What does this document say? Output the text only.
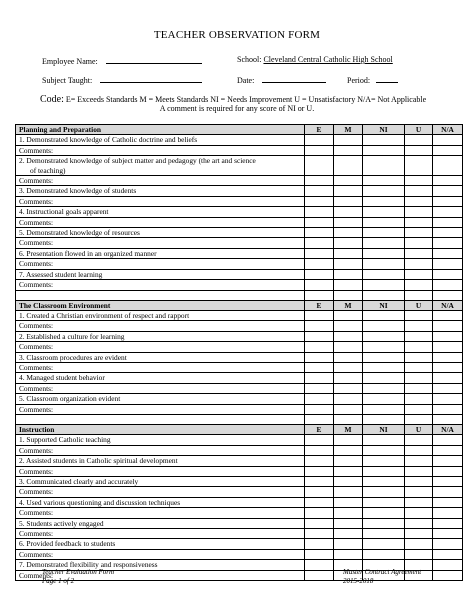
TEACHER OBSERVATION FORM
Employee Name:	School: Cleveland Central Catholic High School
Subject Taught:	Date:	Period:
Code: E= Exceeds Standards M = Meets Standards NI = Needs Improvement U = Unsatisfactory N/A= Not Applicable
A comment is required for any score of NI or U.
Planning and Preparation	E	M	NI	U	N/A

1. Demonstrated knowledge of Catholic doctrine and beliefs					

Comments:					

2. Demonstrated knowledge of subject matter and pedagogy (the art and science
of teaching)					

Comments:					

3. Demonstrated knowledge of students					

Comments:					

4. Instructional goals apparent					

Comments:					

5. Demonstrated knowledge of resources					

Comments:					

6. Presentation flowed in an organized manner					

Comments:					

7. Assessed student learning					

Comments:					

The Classroom Environment	E	M	NI	U	N/A

1. Created a Christian environment of respect and rapport					

Comments:					

2. Established a culture for learning					

Comments:					

3. Classroom procedures are evident					

Comments:					

4. Managed student behavior					

Comments:					

5. Classroom organization evident					

Comments:					

Instruction	E	M	NI	U	N/A

1. Supported Catholic teaching					

Comments:					

2. Assisted students in Catholic spiritual development					

Comments:					

3. Communicated clearly and accurately					

Comments:					

4. Used various questioning and discussion techniques					

Comments:					

5. Students actively engaged					

Comments:					

6. Provided feedback to students					

Comments:					

7. Demonstrated flexibility and responsiveness					

Comments:					
Teacher Evaluation Form
Page 1 of 2
Master Contract Agreement
2015-2018
